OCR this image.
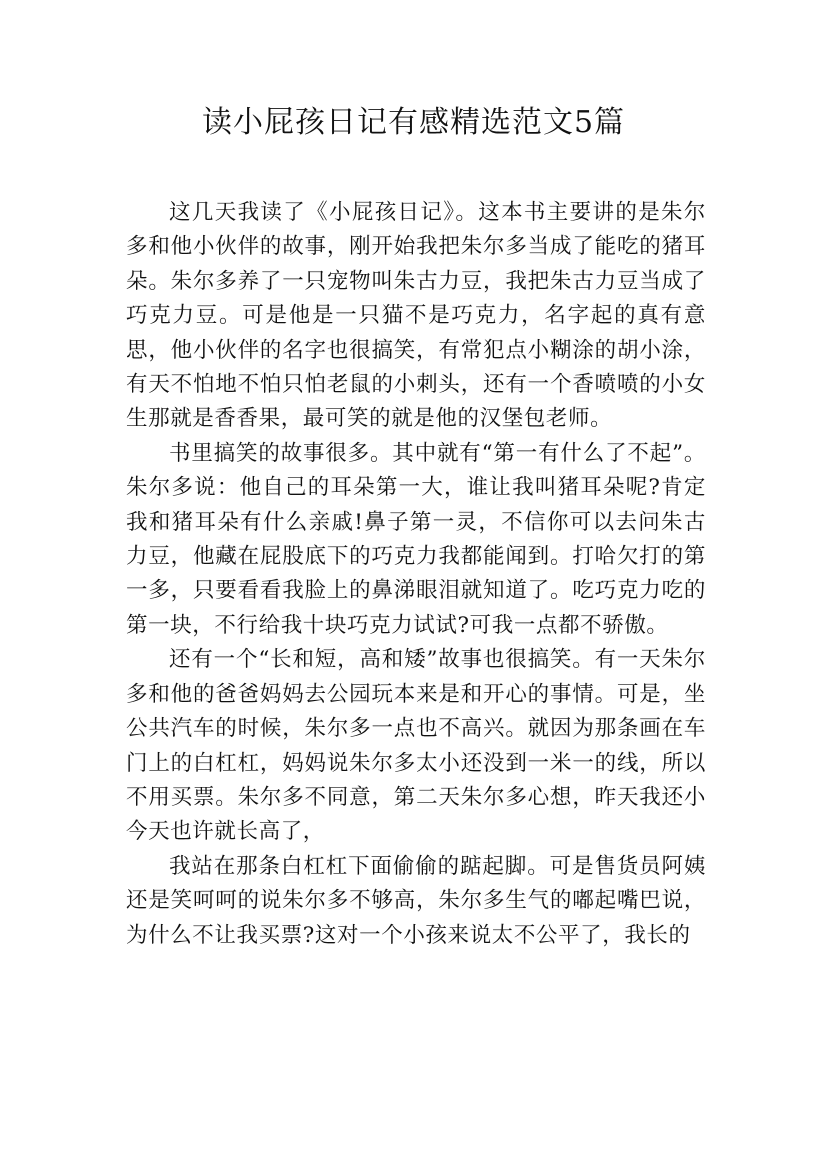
读小屁孩日记有感精选范文5篇

这几天我读了《小屁孩日记》。这本书主要讲的是朱尔多和他小伙伴的故事，刚开始我把朱尔多当成了能吃的猪耳朵。朱尔多养了一只宠物叫朱古力豆，我把朱古力豆当成了巧克力豆。可是他是一只猫不是巧克力，名字起的真有意思，他小伙伴的名字也很搞笑，有常犯点小糊涂的胡小涂，有天不怕地不怕只怕老鼠的小刺头，还有一个香喷喷的小女生那就是香香果，最可笑的就是他的汉堡包老师。

书里搞笑的故事很多。其中就有“第一有什么了不起”。朱尔多说：他自己的耳朵第一大，谁让我叫猪耳朵呢?肯定我和猪耳朵有什么亲戚!鼻子第一灵，不信你可以去问朱古力豆，他藏在屁股底下的巧克力我都能闻到。打哈欠打的第一多，只要看看我脸上的鼻涕眼泪就知道了。吃巧克力吃的第一块，不行给我十块巧克力试试?可我一点都不骄傲。

还有一个“长和短，高和矮”故事也很搞笑。有一天朱尔多和他的爸爸妈妈去公园玩本来是和开心的事情。可是，坐公共汽车的时候，朱尔多一点也不高兴。就因为那条画在车门上的白杠杠，妈妈说朱尔多太小还没到一米一的线，所以不用买票。朱尔多不同意，第二天朱尔多心想，昨天我还小今天也许就长高了，

我站在那条白杠杠下面偷偷的踮起脚。可是售货员阿姨还是笑呵呵的说朱尔多不够高，朱尔多生气的嘟起嘴巴说，为什么不让我买票?这对一个小孩来说太不公平了，我长的
